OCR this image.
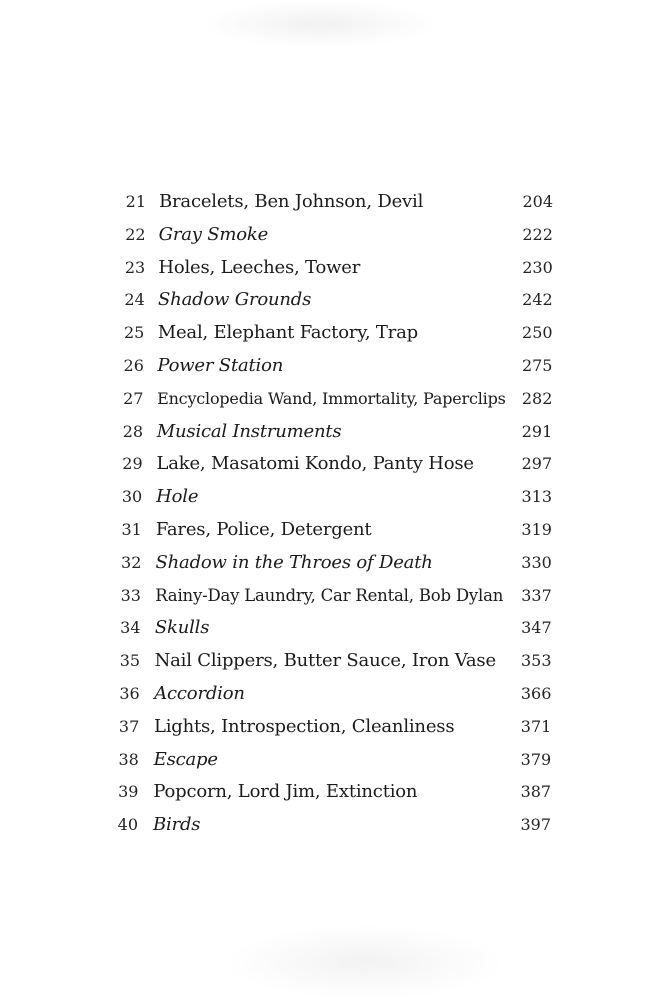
21 Bracelets, Ben Johnson, Devil	204
22 Gray Smoke	222
23 Holes, Leeches, Tower	230
24 Shadow Grounds	242
25 Meal, Elephant Factory, Trap	250
26 Power Station	275
27 Encyclopedia Wand, Immortality, Paperclips 282
28 Musical Instruments	291
29 Lake, Masatomi Kondo, Panty Hose	297
30 Hole	313
31 Fares, Police, Detergent	319
32 Shadow in the Throes of Death	330
33 Rainy-Day Laundry, Car Rental, Bob Dylan 337
34 Skulls	347
35 Nail Clippers, Butter Sauce, Iron Vase 353
36 Accordion	366
37 Lights, Introspection, Cleanliness	371
38 Escape	379
39 Popcorn, Lord Jim, Extinction	387
40 Birds	397
